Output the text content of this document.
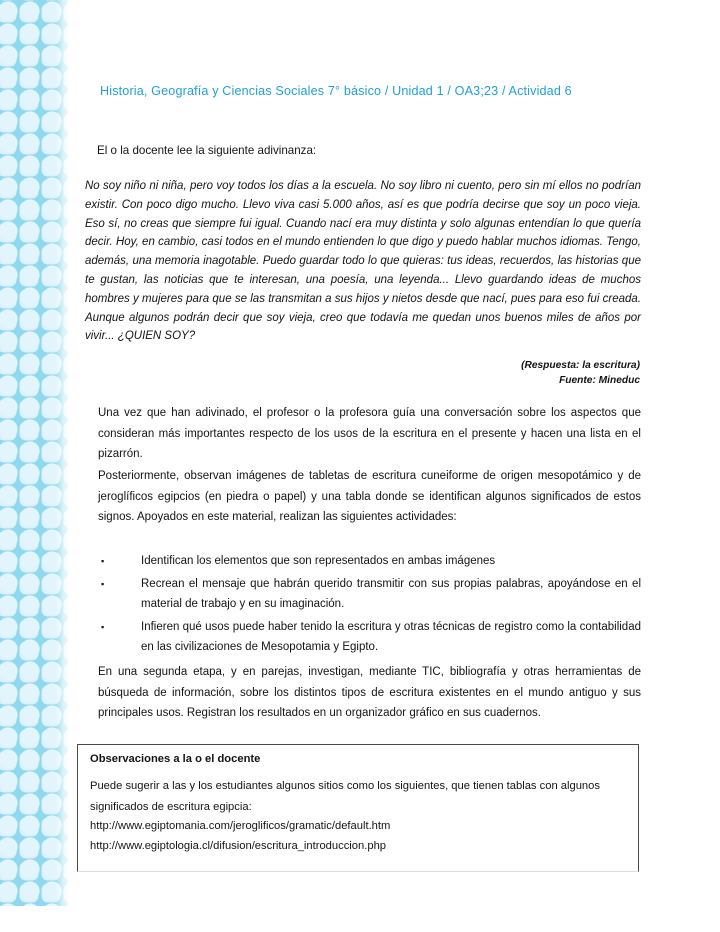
Historia, Geografía y Ciencias Sociales 7° básico / Unidad 1 / OA3;23 / Actividad 6
El o la docente lee la siguiente adivinanza:
No soy niño ni niña, pero voy todos los días a la escuela. No soy libro ni cuento, pero sin mí ellos no podrían existir. Con poco digo mucho. Llevo viva casi 5.000 años, así es que podría decirse que soy un poco vieja. Eso sí, no creas que siempre fui igual. Cuando nací era muy distinta y solo algunas entendían lo que quería decir. Hoy, en cambio, casi todos en el mundo entienden lo que digo y puedo hablar muchos idiomas. Tengo, además, una memoria inagotable. Puedo guardar todo lo que quieras: tus ideas, recuerdos, las historias que te gustan, las noticias que te interesan, una poesía, una leyenda... Llevo guardando ideas de muchos hombres y mujeres para que se las transmitan a sus hijos y nietos desde que nací, pues para eso fui creada. Aunque algunos podrán decir que soy vieja, creo que todavía me quedan unos buenos miles de años por vivir... ¿QUIEN SOY?
(Respuesta: la escritura)
Fuente: Mineduc
Una vez que han adivinado, el profesor o la profesora guía una conversación sobre los aspectos que consideran más importantes respecto de los usos de la escritura en el presente y hacen una lista en el pizarrón.
Posteriormente, observan imágenes de tabletas de escritura cuneiforme de origen mesopotámico y de jeroglíficos egipcios (en piedra o papel) y una tabla donde se identifican algunos significados de estos signos. Apoyados en este material, realizan las siguientes actividades:
▪	Identifican los elementos que son representados en ambas imágenes
▪	Recrean el mensaje que habrán querido transmitir con sus propias palabras, apoyándose en el material de trabajo y en su imaginación.
▪	Infieren qué usos puede haber tenido la escritura y otras técnicas de registro como la contabilidad en las civilizaciones de Mesopotamia y Egipto.
En una segunda etapa, y en parejas, investigan, mediante TIC, bibliografía y otras herramientas de búsqueda de información, sobre los distintos tipos de escritura existentes en el mundo antiguo y sus principales usos. Registran los resultados en un organizador gráfico en sus cuadernos.
Observaciones a la o el docente
Puede sugerir a las y los estudiantes algunos sitios como los siguientes, que tienen tablas con algunos significados de escritura egipcia:
http://www.egiptomania.com/jeroglificos/gramatic/default.htm
http://www.egiptologia.cl/difusion/escritura_introduccion.php
